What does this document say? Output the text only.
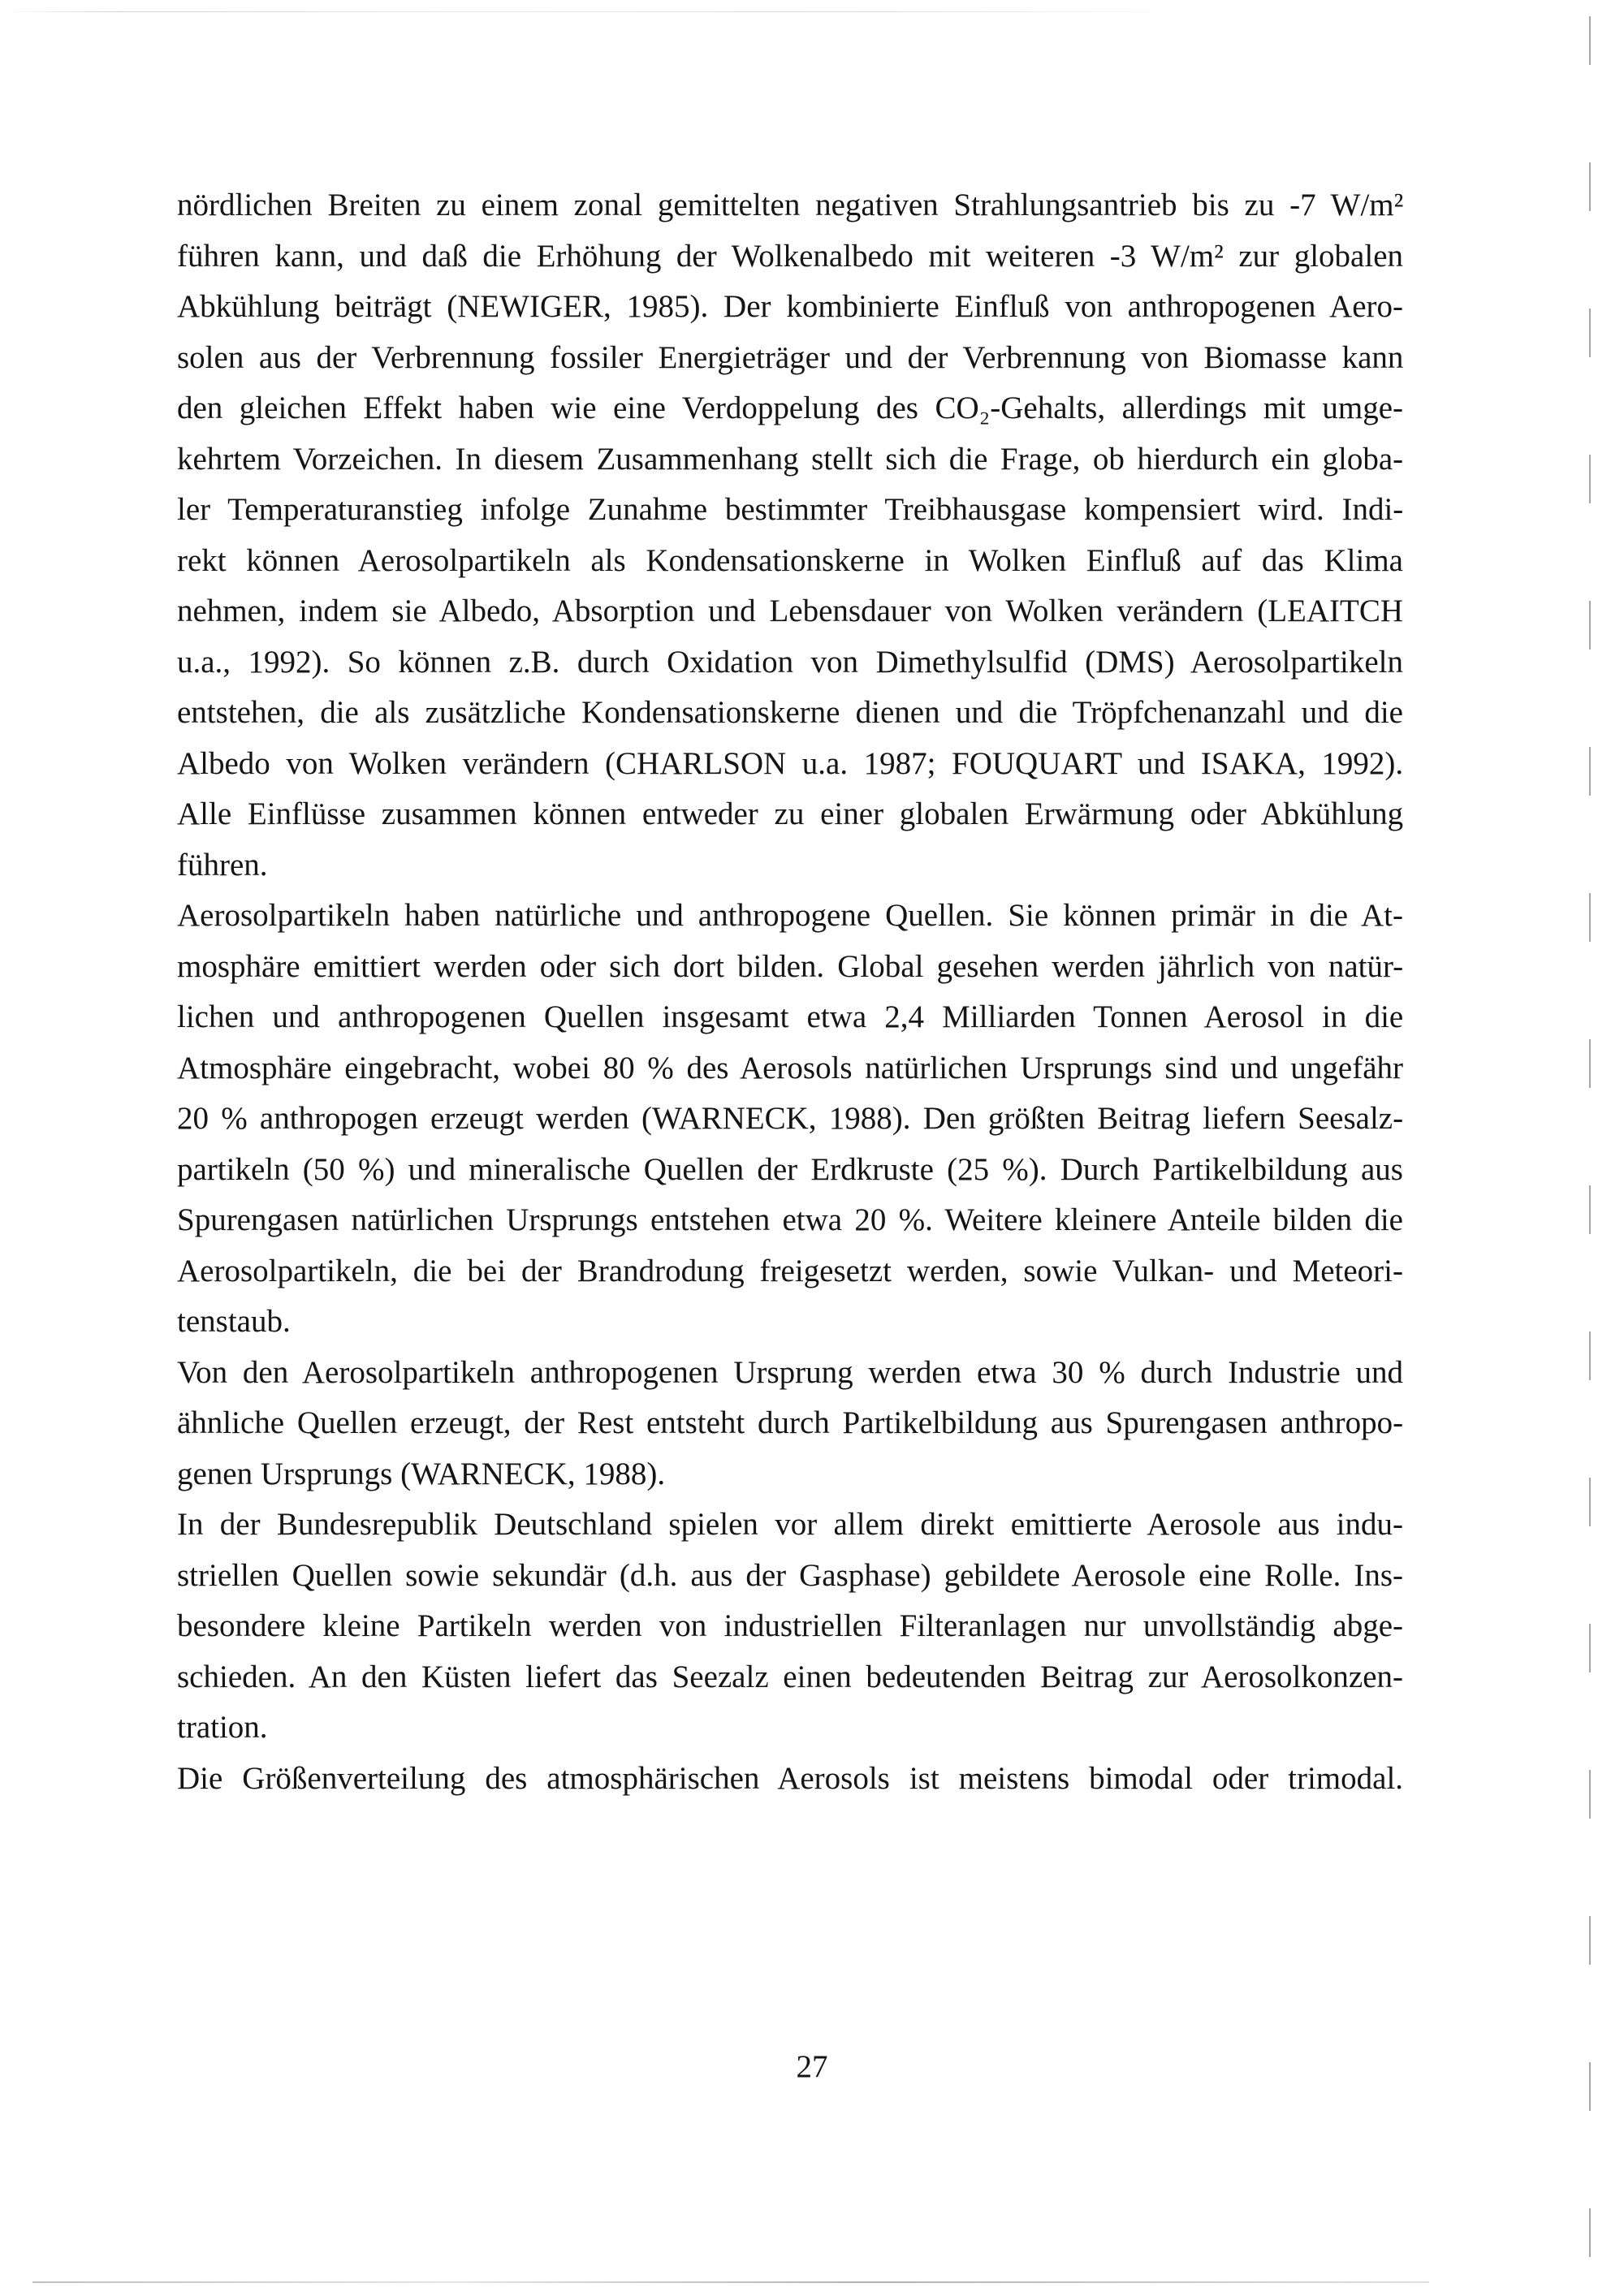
nördlichen Breiten zu einem zonal gemittelten negativen Strahlungsantrieb bis zu -7 W/m²
führen kann, und daß die Erhöhung der Wolkenalbedo mit weiteren -3 W/m² zur globalen
Abkühlung beiträgt (NEWIGER, 1985). Der kombinierte Einfluß von anthropogenen Aero-
solen aus der Verbrennung fossiler Energieträger und der Verbrennung von Biomasse kann
den gleichen Effekt haben wie eine Verdoppelung des CO₂-Gehalts, allerdings mit umge-
kehrtem Vorzeichen. In diesem Zusammenhang stellt sich die Frage, ob hierdurch ein globa-
ler Temperaturanstieg infolge Zunahme bestimmter Treibhausgase kompensiert wird. Indi-
rekt können Aerosolpartikeln als Kondensationskerne in Wolken Einfluß auf das Klima
nehmen, indem sie Albedo, Absorption und Lebensdauer von Wolken verändern (LEAITCH
u.a., 1992). So können z.B. durch Oxidation von Dimethylsulfid (DMS) Aerosolpartikeln
entstehen, die als zusätzliche Kondensationskerne dienen und die Tröpfchenanzahl und die
Albedo von Wolken verändern (CHARLSON u.a. 1987; FOUQUART und ISAKA, 1992).
Alle Einflüsse zusammen können entweder zu einer globalen Erwärmung oder Abkühlung
führen.

Aerosolpartikeln haben natürliche und anthropogene Quellen. Sie können primär in die At-
mosphäre emittiert werden oder sich dort bilden. Global gesehen werden jährlich von natür-
lichen und anthropogenen Quellen insgesamt etwa 2,4 Milliarden Tonnen Aerosol in die
Atmosphäre eingebracht, wobei 80 % des Aerosols natürlichen Ursprungs sind und ungefähr
20 % anthropogen erzeugt werden (WARNECK, 1988). Den größten Beitrag liefern Seesalz-
partikeln (50 %) und mineralische Quellen der Erdkruste (25 %). Durch Partikelbildung aus
Spurengasen natürlichen Ursprungs entstehen etwa 20 %. Weitere kleinere Anteile bilden die
Aerosolpartikeln, die bei der Brandrodung freigesetzt werden, sowie Vulkan- und Meteori-
tenstaub.

Von den Aerosolpartikeln anthropogenen Ursprung werden etwa 30 % durch Industrie und
ähnliche Quellen erzeugt, der Rest entsteht durch Partikelbildung aus Spurengasen anthropo-
genen Ursprungs (WARNECK, 1988).

In der Bundesrepublik Deutschland spielen vor allem direkt emittierte Aerosole aus indu-
striellen Quellen sowie sekundär (d.h. aus der Gasphase) gebildete Aerosole eine Rolle. Ins-
besondere kleine Partikeln werden von industriellen Filteranlagen nur unvollständig abge-
schieden. An den Küsten liefert das Seezalz einen bedeutenden Beitrag zur Aerosolkonzen-
tration.

Die Größenverteilung des atmosphärischen Aerosols ist meistens bimodal oder trimodal.

27
